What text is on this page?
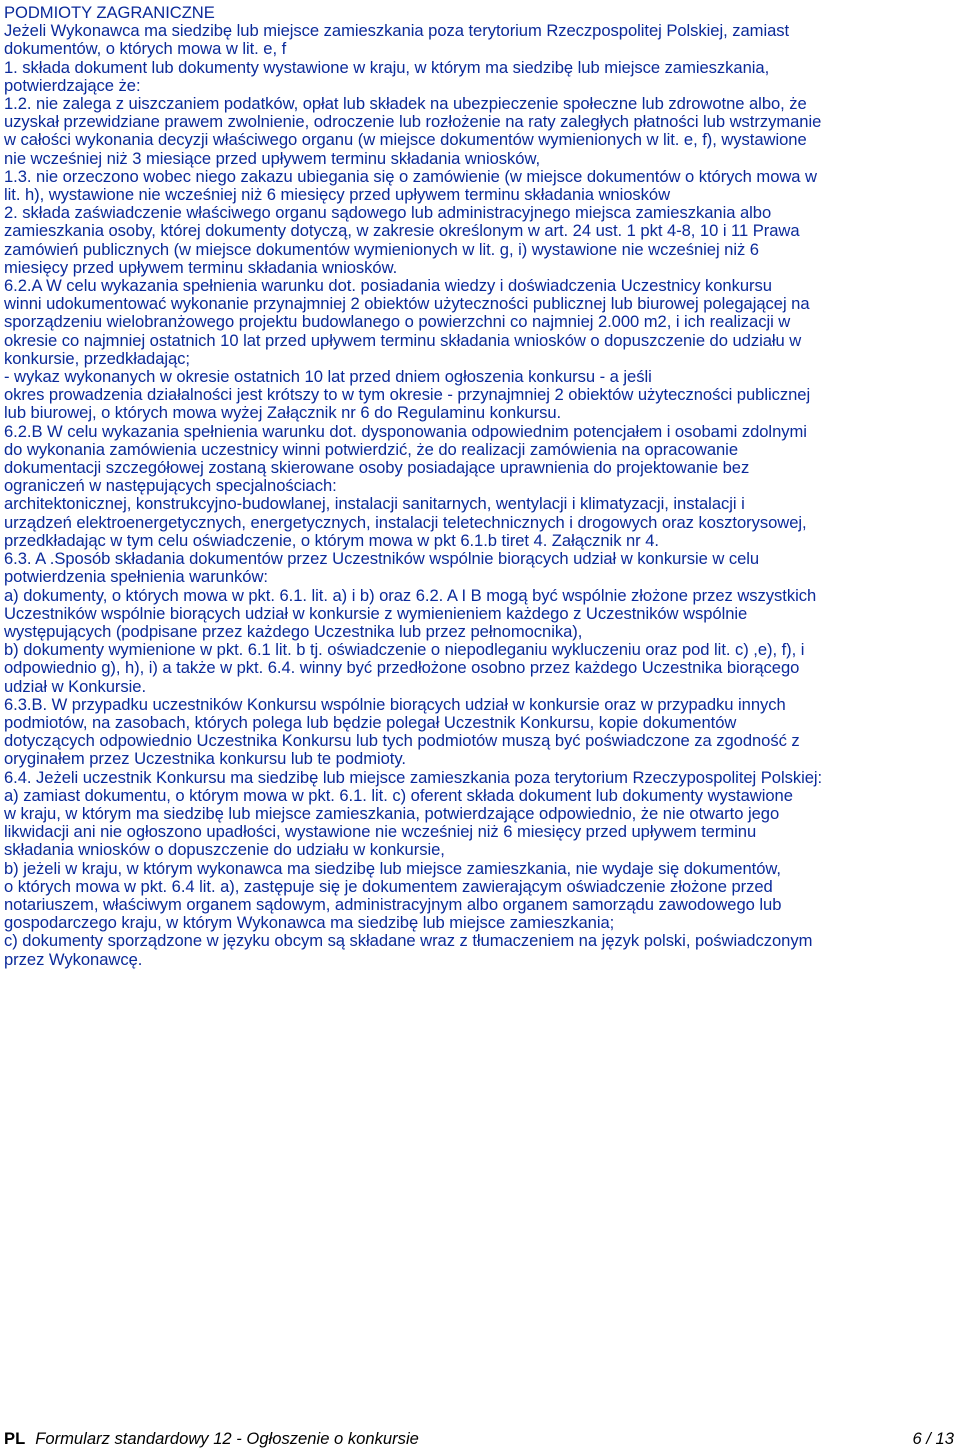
PODMIOTY ZAGRANICZNE
Jeżeli Wykonawca ma siedzibę lub miejsce zamieszkania poza terytorium Rzeczpospolitej Polskiej, zamiast
dokumentów, o których mowa w lit. e, f
1. składa dokument lub dokumenty wystawione w kraju, w którym ma siedzibę lub miejsce zamieszkania,
potwierdzające że:
1.2. nie zalega z uiszczaniem podatków, opłat lub składek na ubezpieczenie społeczne lub zdrowotne albo, że
uzyskał przewidziane prawem zwolnienie, odroczenie lub rozłożenie na raty zaległych płatności lub wstrzymanie
w całości wykonania decyzji właściwego organu (w miejsce dokumentów wymienionych w lit. e, f), wystawione
nie wcześniej niż 3 miesiące przed upływem terminu składania wniosków,
1.3. nie orzeczono wobec niego zakazu ubiegania się o zamówienie (w miejsce dokumentów o których mowa w
lit. h), wystawione nie wcześniej niż 6 miesięcy przed upływem terminu składania wniosków
2. składa zaświadczenie właściwego organu sądowego lub administracyjnego miejsca zamieszkania albo
zamieszkania osoby, której dokumenty dotyczą, w zakresie określonym w art. 24 ust. 1 pkt 4-8, 10 i 11 Prawa
zamówień publicznych (w miejsce dokumentów wymienionych w lit. g, i) wystawione nie wcześniej niż 6
miesięcy przed upływem terminu składania wniosków.
6.2.A W celu wykazania spełnienia warunku dot. posiadania wiedzy i doświadczenia Uczestnicy konkursu
winni udokumentować wykonanie przynajmniej 2 obiektów użyteczności publicznej lub biurowej polegającej na
sporządzeniu wielobranżowego projektu budowlanego o powierzchni co najmniej 2.000 m2, i ich realizacji w
okresie co najmniej ostatnich 10 lat przed upływem terminu składania wniosków o dopuszczenie do udziału w
konkursie, przedkładając;
- wykaz wykonanych w okresie ostatnich 10 lat przed dniem ogłoszenia konkursu - a jeśli
okres prowadzenia działalności jest krótszy to w tym okresie - przynajmniej 2 obiektów użyteczności publicznej
lub biurowej, o których mowa wyżej Załącznik nr 6 do Regulaminu konkursu.
6.2.B W celu wykazania spełnienia warunku dot. dysponowania odpowiednim potencjałem i osobami zdolnymi
do wykonania zamówienia uczestnicy winni potwierdzić, że do realizacji zamówienia na opracowanie
dokumentacji szczegółowej zostaną skierowane osoby posiadające uprawnienia do projektowanie bez
ograniczeń w następujących specjalnościach:
architektonicznej, konstrukcyjno-budowlanej, instalacji sanitarnych, wentylacji i klimatyzacji, instalacji i
urządzeń elektroenergetycznych, energetycznych, instalacji teletechnicznych i drogowych oraz kosztorysowej,
przedkładając w tym celu oświadczenie, o którym mowa w pkt 6.1.b tiret 4. Załącznik nr 4.
6.3. A .Sposób składania dokumentów przez Uczestników wspólnie biorących udział w konkursie w celu
potwierdzenia spełnienia warunków:
a) dokumenty, o których mowa w pkt. 6.1. lit. a) i b) oraz 6.2. A I B mogą być wspólnie złożone przez wszystkich
Uczestników wspólnie biorących udział w konkursie z wymienieniem każdego z Uczestników wspólnie
występujących (podpisane przez każdego Uczestnika lub przez pełnomocnika),
b) dokumenty wymienione w pkt. 6.1 lit. b tj. oświadczenie o niepodleganiu wykluczeniu oraz pod lit. c) ,e), f), i
odpowiednio g), h), i) a także w pkt. 6.4. winny być przedłożone osobno przez każdego Uczestnika biorącego
udział w Konkursie.
6.3.B. W przypadku uczestników Konkursu wspólnie biorących udział w konkursie oraz w przypadku innych
podmiotów, na zasobach, których polega lub będzie polegał Uczestnik Konkursu, kopie dokumentów
dotyczących odpowiednio Uczestnika Konkursu lub tych podmiotów muszą być poświadczone za zgodność z
oryginałem przez Uczestnika konkursu lub te podmioty.
6.4. Jeżeli uczestnik Konkursu ma siedzibę lub miejsce zamieszkania poza terytorium Rzeczypospolitej Polskiej:
a) zamiast dokumentu, o którym mowa w pkt. 6.1. lit. c) oferent składa dokument lub dokumenty wystawione
w kraju, w którym ma siedzibę lub miejsce zamieszkania, potwierdzające odpowiednio, że nie otwarto jego
likwidacji ani nie ogłoszono upadłości, wystawione nie wcześniej niż 6 miesięcy przed upływem terminu
składania wniosków o dopuszczenie do udziału w konkursie,
b) jeżeli w kraju, w którym wykonawca ma siedzibę lub miejsce zamieszkania, nie wydaje się dokumentów,
o których mowa w pkt. 6.4 lit. a), zastępuje się je dokumentem zawierającym oświadczenie złożone przed
notariuszem, właściwym organem sądowym, administracyjnym albo organem samorządu zawodowego lub
gospodarczego kraju, w którym Wykonawca ma siedzibę lub miejsce zamieszkania;
c) dokumenty sporządzone w języku obcym są składane wraz z tłumaczeniem na język polski, poświadczonym
przez Wykonawcę.
PL Formularz standardowy 12 - Ogłoszenie o konkursie	6 / 13
